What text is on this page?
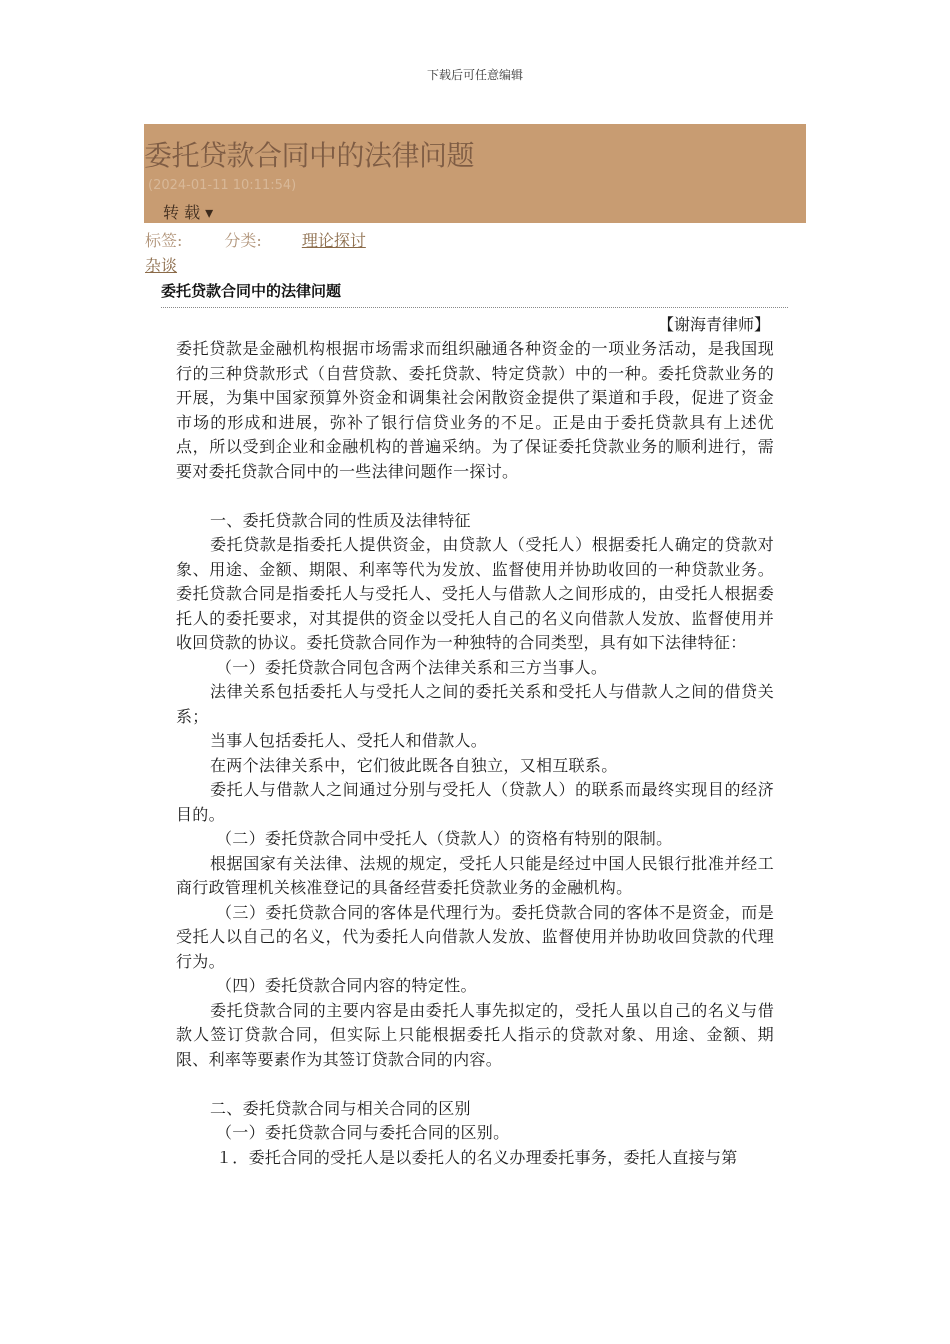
下载后可任意编辑
委托贷款合同中的法律问题
(2024-01-11 10:11:54)
转 载 ▾
标签:	分类:	理论探讨
杂谈
委托贷款合同中的法律问题
【谢海青律师】

委托贷款是金融机构根据市场需求而组织融通各种资金的一项业务活动，是我国现行的三种贷款形式（自营贷款、委托贷款、特定贷款）中的一种。委托贷款业务的开展，为集中国家预算外资金和调集社会闲散资金提供了渠道和手段，促进了资金市场的形成和进展，弥补了银行信贷业务的不足。正是由于委托贷款具有上述优点，所以受到企业和金融机构的普遍采纳。为了保证委托贷款业务的顺利进行，需要对委托贷款合同中的一些法律问题作一探讨。

一、委托贷款合同的性质及法律特征

委托贷款是指委托人提供资金，由贷款人（受托人）根据委托人确定的贷款对象、用途、金额、期限、利率等代为发放、监督使用并协助收回的一种贷款业务。委托贷款合同是指委托人与受托人、受托人与借款人之间形成的，由受托人根据委托人的委托要求，对其提供的资金以受托人自己的名义向借款人发放、监督使用并收回贷款的协议。委托贷款合同作为一种独特的合同类型，具有如下法律特征：

（一）委托贷款合同包含两个法律关系和三方当事人。

法律关系包括委托人与受托人之间的委托关系和受托人与借款人之间的借贷关系；

当事人包括委托人、受托人和借款人。

在两个法律关系中，它们彼此既各自独立，又相互联系。

委托人与借款人之间通过分别与受托人（贷款人）的联系而最终实现目的经济目的。

（二）委托贷款合同中受托人（贷款人）的资格有特别的限制。

根据国家有关法律、法规的规定，受托人只能是经过中国人民银行批准并经工商行政管理机关核准登记的具备经营委托贷款业务的金融机构。

（三）委托贷款合同的客体是代理行为。委托贷款合同的客体不是资金，而是受托人以自己的名义，代为委托人向借款人发放、监督使用并协助收回贷款的代理行为。

（四）委托贷款合同内容的特定性。

委托贷款合同的主要内容是由委托人事先拟定的，受托人虽以自己的名义与借款人签订贷款合同，但实际上只能根据委托人指示的贷款对象、用途、金额、期限、利率等要素作为其签订贷款合同的内容。

二、委托贷款合同与相关合同的区别

（一）委托贷款合同与委托合同的区别。

１．委托合同的受托人是以委托人的名义办理委托事务，委托人直接与第
